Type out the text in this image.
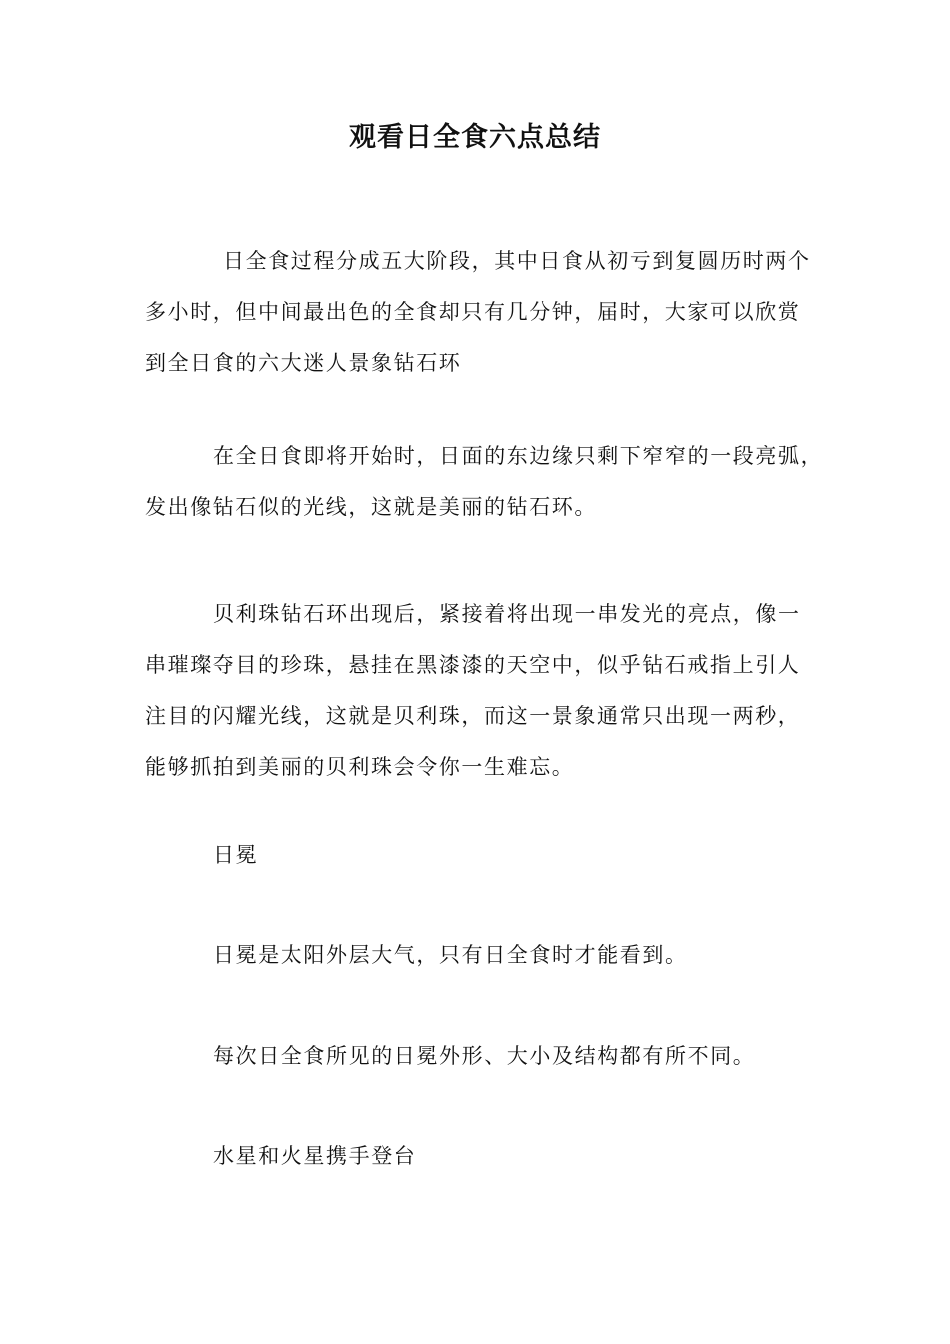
观看日全食六点总结

日全食过程分成五大阶段，其中日食从初亏到复圆历时两个
多小时，但中间最出色的全食却只有几分钟，届时，大家可以欣赏
到全日食的六大迷人景象钻石环

在全日食即将开始时，日面的东边缘只剩下窄窄的一段亮弧，
发出像钻石似的光线，这就是美丽的钻石环。

贝利珠钻石环出现后，紧接着将出现一串发光的亮点，像一
串璀璨夺目的珍珠，悬挂在黑漆漆的天空中，似乎钻石戒指上引人
注目的闪耀光线，这就是贝利珠，而这一景象通常只出现一两秒，
能够抓拍到美丽的贝利珠会令你一生难忘。

日冕

日冕是太阳外层大气，只有日全食时才能看到。

每次日全食所见的日冕外形、大小及结构都有所不同。

水星和火星携手登台
